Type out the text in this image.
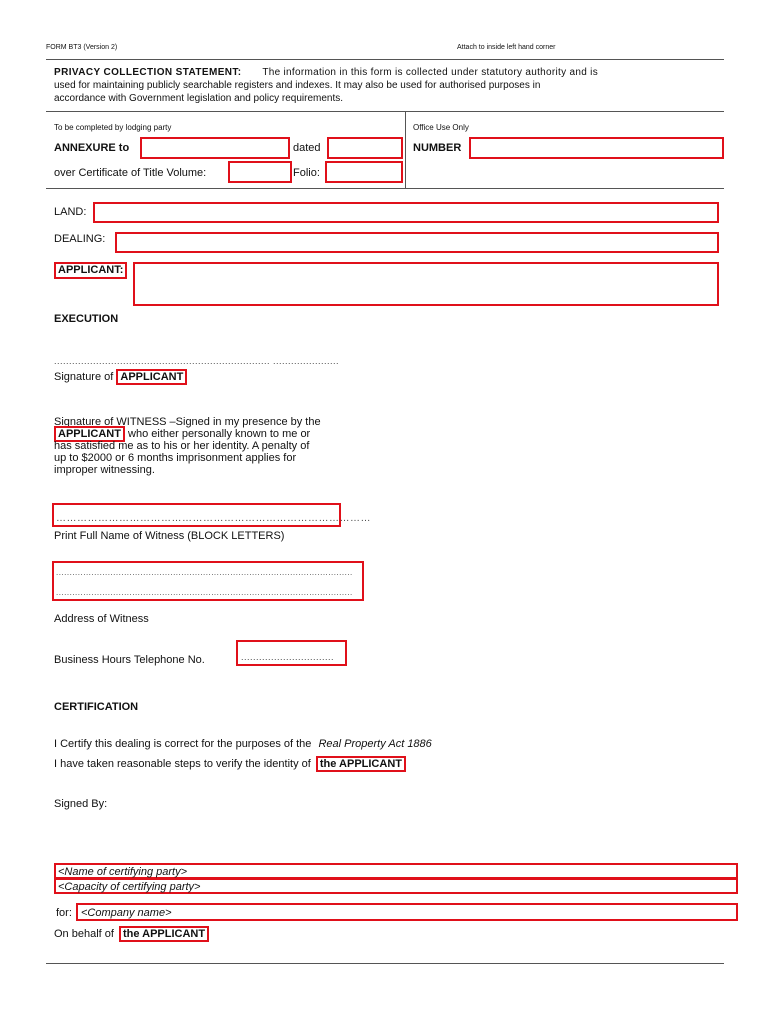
FORM BT3 (Version 2)	Attach to inside left hand corner
PRIVACY COLLECTION STATEMENT: The information in this form is collected under statutory authority and is
used for maintaining publicly searchable registers and indexes. It may also be used for authorised purposes in
accordance with Government legislation and policy requirements.
To be completed by lodging party	Office Use Only
ANNEXURE to	dated	NUMBER
over Certificate of Title Volume:	Folio:
LAND:
DEALING:
APPLICANT:
EXECUTION
........................................................................ ......................
Signature of APPLICANT
Signature of WITNESS –Signed in my presence by the
APPLICANT who either personally known to me or
has satisfied me as to his or her identity. A penalty of
up to $2000 or 6 months imprisonment applies for
improper witnessing.
………………………………………………………………………………
Print Full Name of Witness (BLOCK LETTERS)
.............................................................................................................
.............................................................................................................
Address of Witness
Business Hours Telephone No.	...............................
CERTIFICATION
I Certify this dealing is correct for the purposes of the Real Property Act 1886
I have taken reasonable steps to verify the identity of the APPLICANT
Signed By:
<Name of certifying party>
<Capacity of certifying party>
for: <Company name>
On behalf of the APPLICANT
